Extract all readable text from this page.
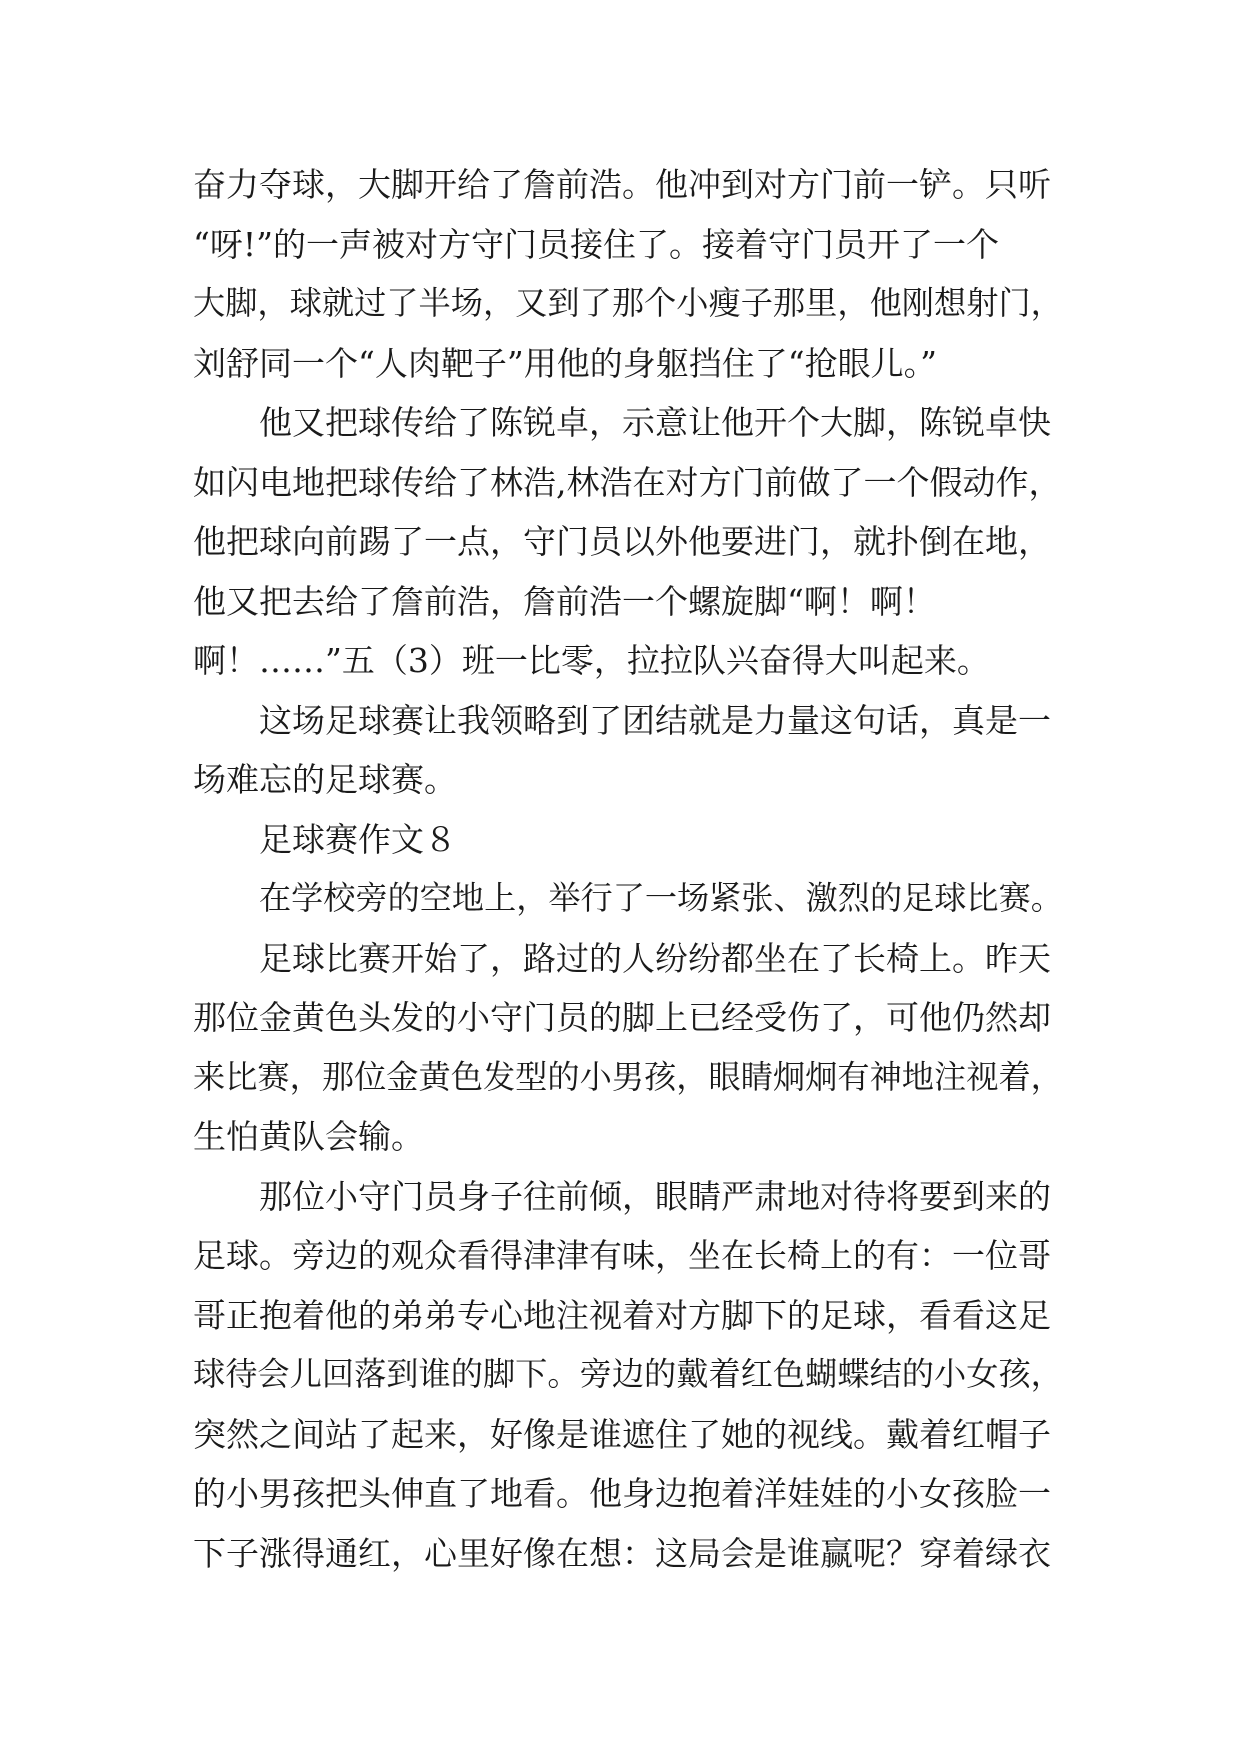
奋力夺球，大脚开给了詹前浩。他冲到对方门前一铲。只听
“呀!”的一声被对方守门员接住了。接着守门员开了一个
大脚，球就过了半场，又到了那个小瘦子那里，他刚想射门，
刘舒同一个“人肉靶子”用他的身躯挡住了“抢眼儿。”
他又把球传给了陈锐卓，示意让他开个大脚，陈锐卓快
如闪电地把球传给了林浩,林浩在对方门前做了一个假动作，
他把球向前踢了一点，守门员以外他要进门，就扑倒在地，
他又把去给了詹前浩，詹前浩一个螺旋脚“啊！啊！
啊！……”五（3）班一比零，拉拉队兴奋得大叫起来。
这场足球赛让我领略到了团结就是力量这句话，真是一
场难忘的足球赛。
足球赛作文８
在学校旁的空地上，举行了一场紧张、激烈的足球比赛。
足球比赛开始了，路过的人纷纷都坐在了长椅上。昨天
那位金黄色头发的小守门员的脚上已经受伤了，可他仍然却
来比赛，那位金黄色发型的小男孩，眼睛炯炯有神地注视着，
生怕黄队会输。
那位小守门员身子往前倾，眼睛严肃地对待将要到来的
足球。旁边的观众看得津津有味，坐在长椅上的有：一位哥
哥正抱着他的弟弟专心地注视着对方脚下的足球，看看这足
球待会儿回落到谁的脚下。旁边的戴着红色蝴蝶结的小女孩，
突然之间站了起来，好像是谁遮住了她的视线。戴着红帽子
的小男孩把头伸直了地看。他身边抱着洋娃娃的小女孩脸一
下子涨得通红，心里好像在想：这局会是谁赢呢？穿着绿衣
